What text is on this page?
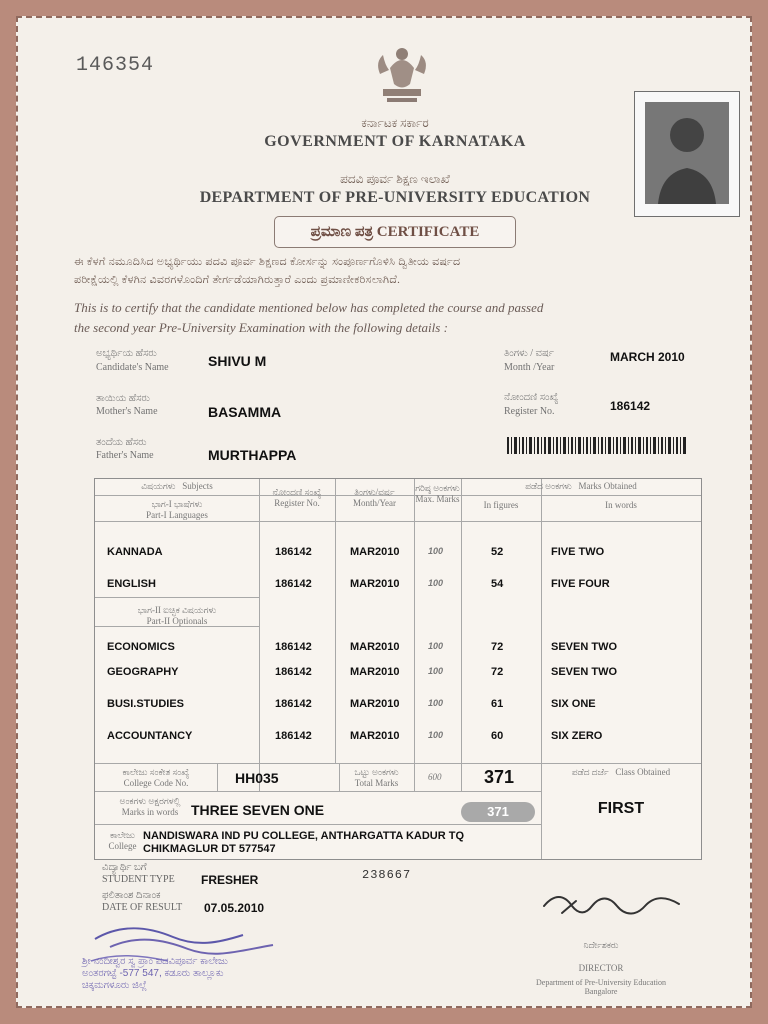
146354
ಕರ್ನಾಟಕ ಸರ್ಕಾರ
GOVERNMENT OF KARNATAKA
ಪದವಿ ಪೂರ್ವ ಶಿಕ್ಷಣ ಇಲಾಖೆ
DEPARTMENT OF PRE-UNIVERSITY EDUCATION
ಪ್ರಮಾಣ ಪತ್ರ CERTIFICATE
ಈ ಕೆಳಗೆ ನಮೂದಿಸಿದ ಅಭ್ಯರ್ಥಿಯು ಪದವಿ ಪೂರ್ವ ಶಿಕ್ಷಣದ ಕೋರ್ಸನ್ನು ಸಂಪೂರ್ಣಗೊಳಿಸಿ ದ್ವಿತೀಯ ವರ್ಷದ
ಪರೀಕ್ಷೆಯಲ್ಲಿ ಕೆಳಗಿನ ವಿವರಗಳೊಂದಿಗೆ ತೇರ್ಗಡೆಯಾಗಿರುತ್ತಾರೆ ಎಂದು ಪ್ರಮಾಣೀಕರಿಸಲಾಗಿದೆ.
This is to certify that the candidate mentioned below has completed the course and passed
the second year Pre-University Examination with the following details :
ಅಭ್ಯರ್ಥಿಯ ಹೆಸರು
Candidate's Name	SHIVU M	ತಿಂಗಳು / ವರ್ಷ
Month /Year
MARCH 2010
ತಾಯಿಯ ಹೆಸರು
Mother's Name	BASAMMA
ನೋಂದಣಿ ಸಂಖ್ಯೆ
Register No.	186142
ತಂದೆಯ ಹೆಸರು
Father's Name	MURTHAPPA
ವಿಷಯಗಳು Subjects
ಭಾಗ-I ಭಾಷೆಗಳು
Part-I Languages
ನೋಂದಣಿ ಸಂಖ್ಯೆ
Register No.
ತಿಂಗಳು/ವರ್ಷ
Month/Year
ಗರಿಷ್ಠ ಅಂಕಗಳು
Max. Marks
ಪಡೆದ ಅಂಕಗಳು Marks Obtained
In figures	In words
KANNADA	186142	MAR2010	100	52	FIVE TWO
ENGLISH	186142	MAR2010	100	54	FIVE FOUR
ಭಾಗ-II ಐಚ್ಛಿಕ ವಿಷಯಗಳು
Part-II Optionals
ECONOMICS	186142	MAR2010	100	72	SEVEN TWO
GEOGRAPHY	186142	MAR2010	100	72	SEVEN TWO
BUSI.STUDIES	186142	MAR2010	100	61	SIX ONE
ACCOUNTANCY	186142	MAR2010	100	60	SIX ZERO
ಕಾಲೇಜು ಸಂಕೇತ ಸಂಖ್ಯೆ
College Code No.	HH035	ಒಟ್ಟು ಅಂಕಗಳು
Total Marks
600 371
ಅಂಕಗಳು ಅಕ್ಷರಗಳಲ್ಲಿ
Marks in words THREE SEVEN ONE	371
ಕಾಲೇಜು
College
NANDISWARA IND PU COLLEGE, ANTHARGATTA KADUR TQ
CHIKMAGLUR DT 577547
ಪಡೆದ ದರ್ಜೆ Class Obtained
FIRST
ವಿದ್ಯಾರ್ಥಿ ಬಗೆ
STUDENT TYPE FRESHER
ಫಲಿತಾಂಶ ದಿನಾಂಕ
DATE OF RESULT 07.05.2010
238667
ಶ್ರೀ ನಂದೀಶ್ವರ ಸ್ವ ಪ್ರಾಂ ಪದವಿಪೂರ್ವ ಕಾಲೇಜು
ಅಂತರಗಟ್ಟೆ -577 547, ಕಡೂರು ತಾಲ್ಲೂಕು
ಚಿಕ್ಕಮಗಳೂರು ಜಿಲ್ಲೆ
ನಿರ್ದೇಶಕರು
DIRECTOR
Department of Pre-University Education
Bangalore
